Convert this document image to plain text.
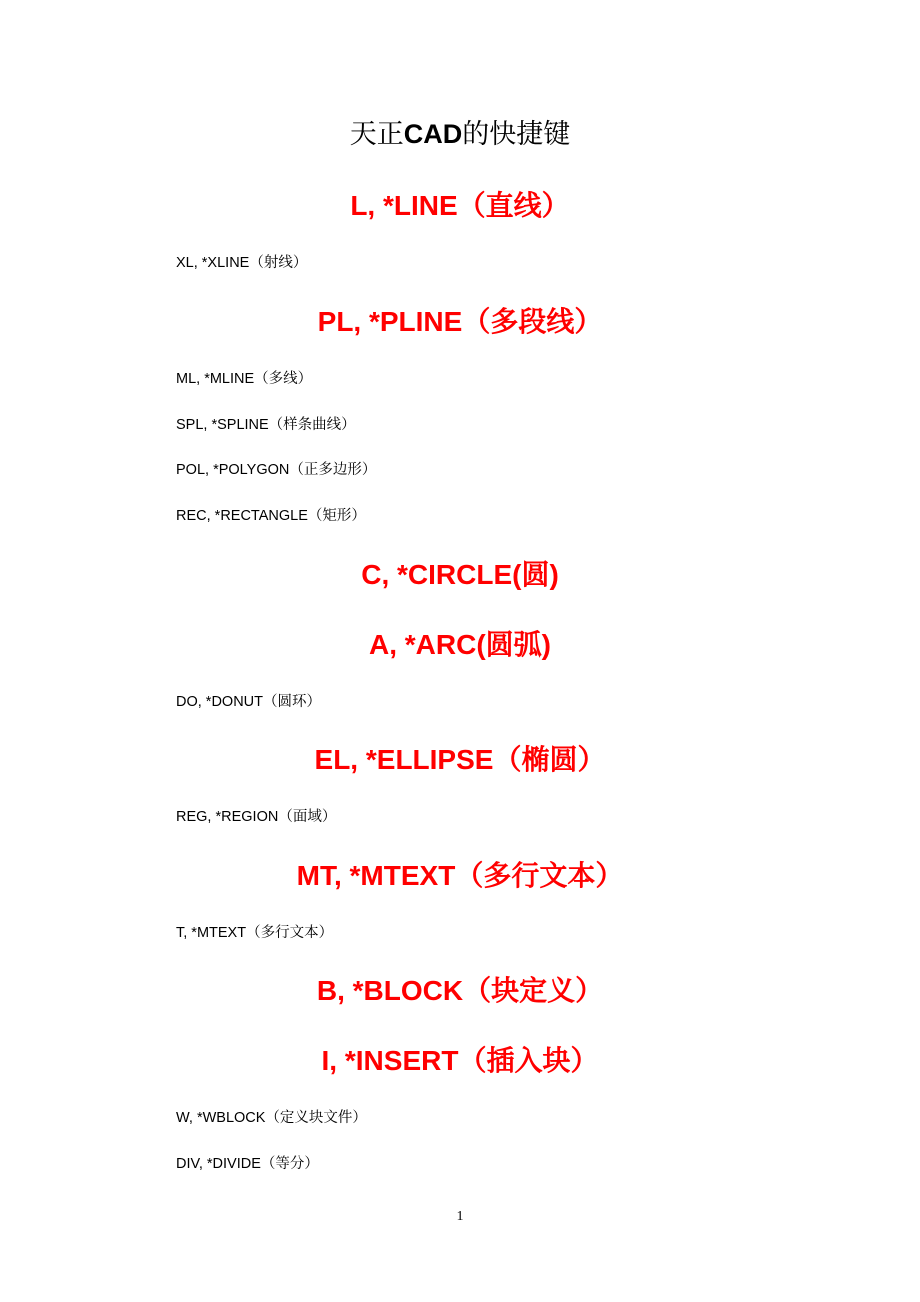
天正CAD的快捷键
L, *LINE（直线）
XL, *XLINE（射线）
PL, *PLINE（多段线）
ML, *MLINE（多线）
SPL, *SPLINE（样条曲线）
POL, *POLYGON（正多边形）
REC, *RECTANGLE（矩形）
C, *CIRCLE(圆)
A, *ARC(圆弧)
DO, *DONUT（圆环）
EL, *ELLIPSE（椭圆）
REG, *REGION（面域）
MT, *MTEXT（多行文本）
T, *MTEXT（多行文本）
B, *BLOCK（块定义）
I, *INSERT（插入块）
W, *WBLOCK（定义块文件）
DIV, *DIVIDE（等分）
1
